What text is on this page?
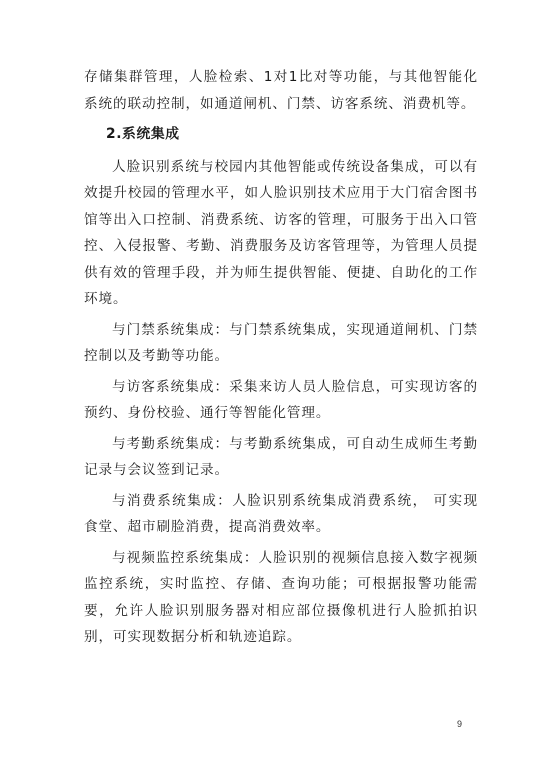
存储集群管理，人脸检索、1对1比对等功能，与其他智能化系统的联动控制，如通道闸机、门禁、访客系统、消费机等。

2.系统集成

人脸识别系统与校园内其他智能或传统设备集成，可以有效提升校园的管理水平，如人脸识别技术应用于大门宿舍图书馆等出入口控制、消费系统、访客的管理，可服务于出入口管控、入侵报警、考勤、消费服务及访客管理等，为管理人员提供有效的管理手段，并为师生提供智能、便捷、自助化的工作环境。

与门禁系统集成：与门禁系统集成，实现通道闸机、门禁控制以及考勤等功能。

与访客系统集成：采集来访人员人脸信息，可实现访客的预约、身份校验、通行等智能化管理。

与考勤系统集成：与考勤系统集成，可自动生成师生考勤记录与会议签到记录。

与消费系统集成：人脸识别系统集成消费系统， 可实现 食堂、超市刷脸消费，提高消费效率。

与视频监控系统集成：人脸识别的视频信息接入数字视频监控系统，实时监控、存储、查询功能；可根据报警功能需要，允许人脸识别服务器对相应部位摄像机进行人脸抓拍识别，可实现数据分析和轨迹追踪。

9
